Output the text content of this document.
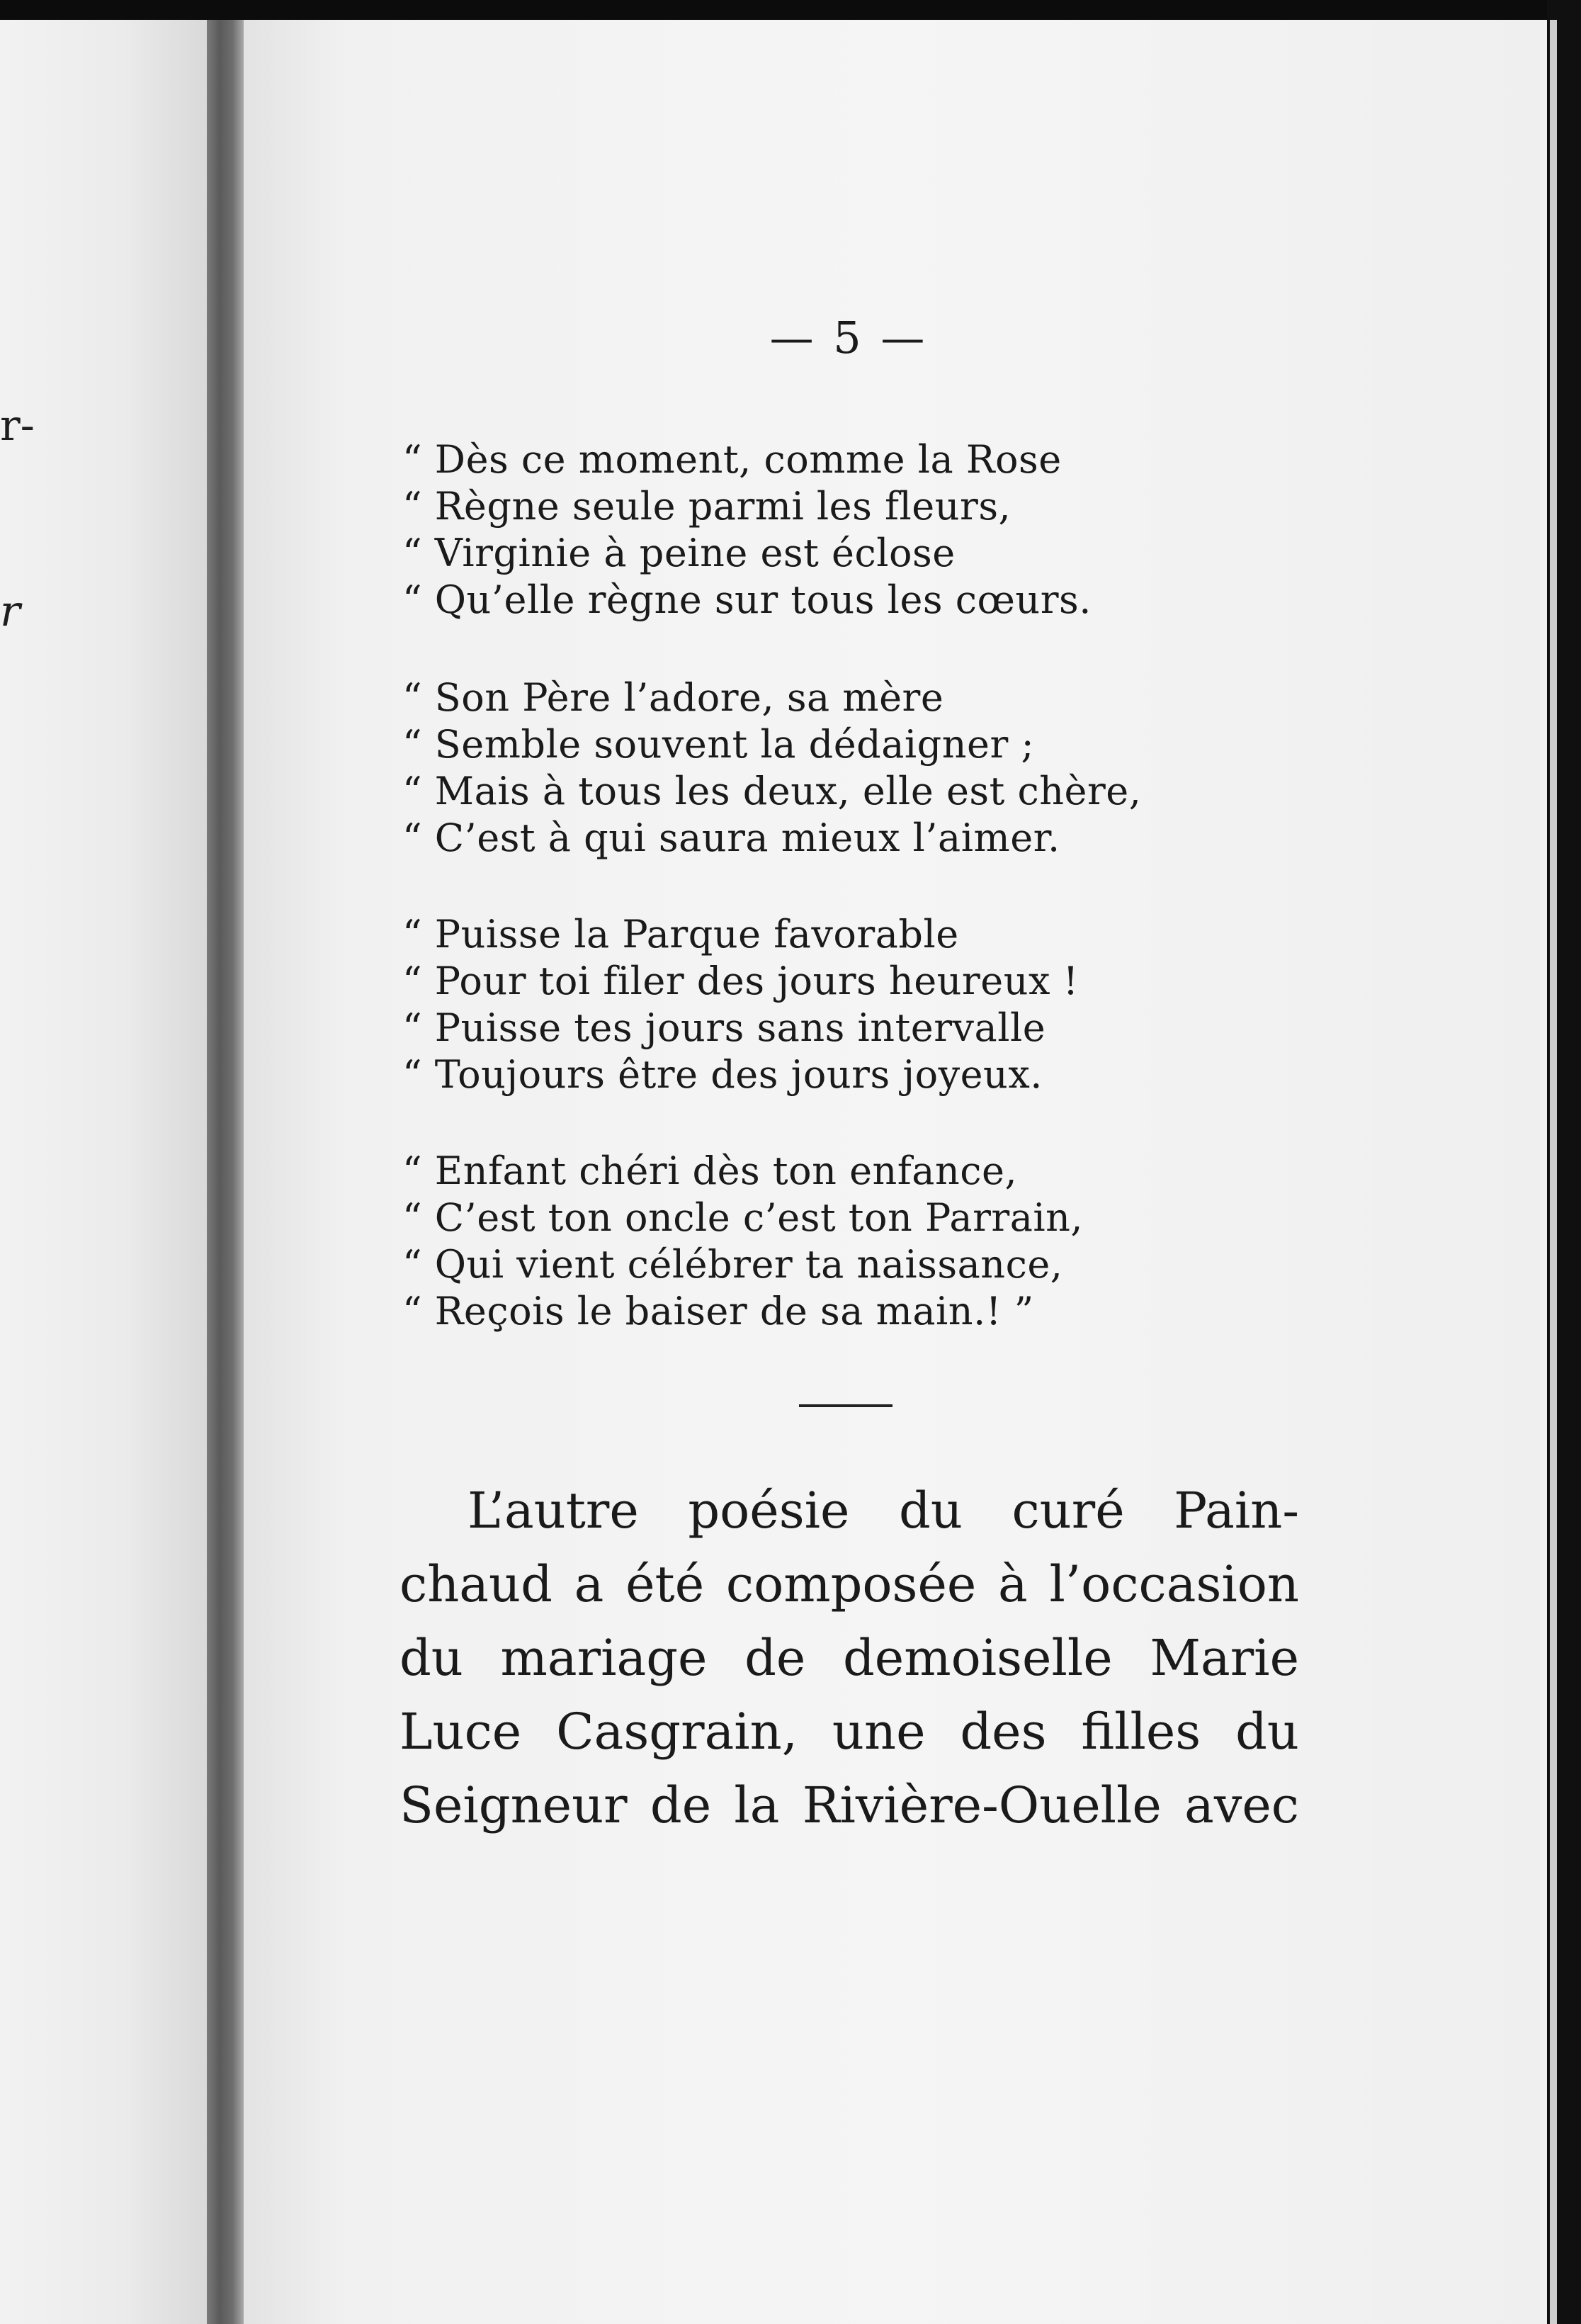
r-
r
— 5 —
“ Dès ce moment, comme la Rose
“ Règne seule parmi les fleurs,
“ Virginie à peine est éclose
“ Qu’elle règne sur tous les cœurs.
“ Son Père l’adore, sa mère
“ Semble souvent la dédaigner ;
“ Mais à tous les deux, elle est chère,
“ C’est à qui saura mieux l’aimer.
“ Puisse la Parque favorable
“ Pour toi filer des jours heureux !
“ Puisse tes jours sans intervalle
“ Toujours être des jours joyeux.
“ Enfant chéri dès ton enfance,
“ C’est ton oncle c’est ton Parrain,
“ Qui vient célébrer ta naissance,
“ Reçois le baiser de sa main.! ”
L’autre poésie du curé Pain-
chaud a été composée à l’occasion
du mariage de demoiselle Marie
Luce Casgrain, une des filles du
Seigneur de la Rivière-Ouelle avec
